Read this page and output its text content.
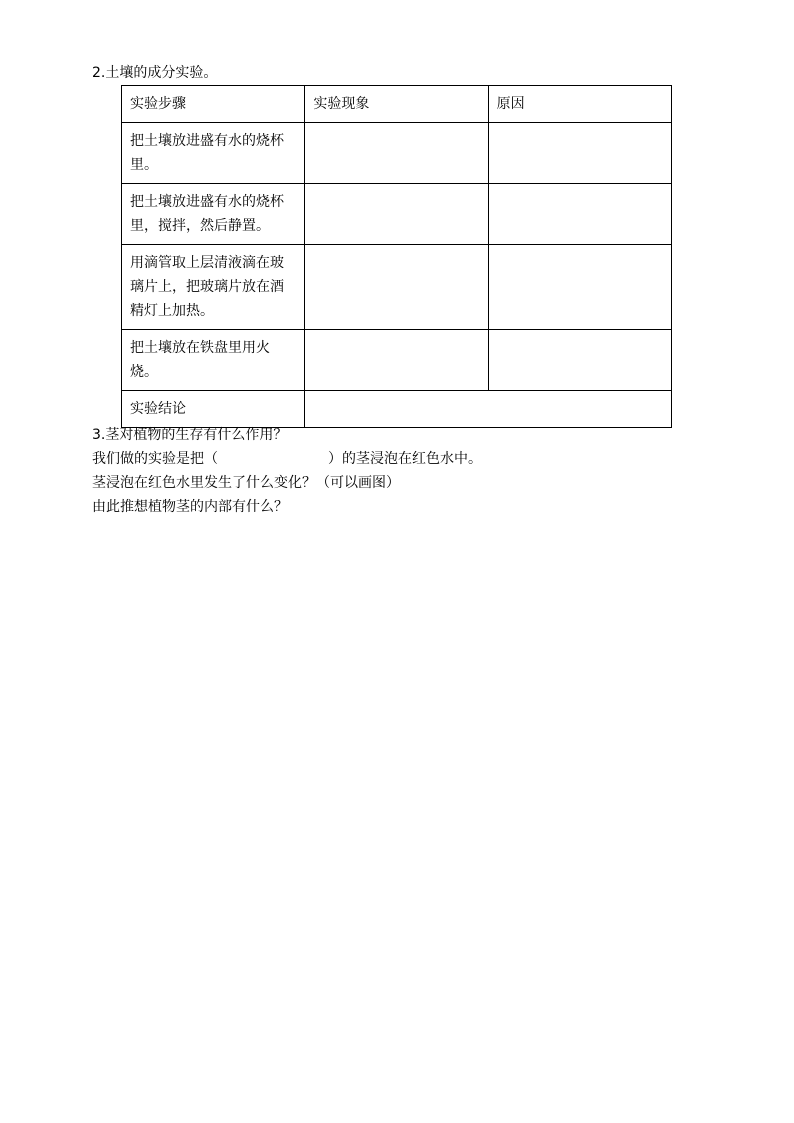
2.土壤的成分实验。
实验步骤	实验现象	原因
把土壤放进盛有水的烧杯里。		
把土壤放进盛有水的烧杯里，搅拌，然后静置。		
用滴管取上层清液滴在玻璃片上，把玻璃片放在酒精灯上加热。		
把土壤放在铁盘里用火烧。		
实验结论		
3.茎对植物的生存有什么作用？
我们做的实验是把（	）的茎浸泡在红色水中。
茎浸泡在红色水里发生了什么变化？（可以画图）
由此推想植物茎的内部有什么？
